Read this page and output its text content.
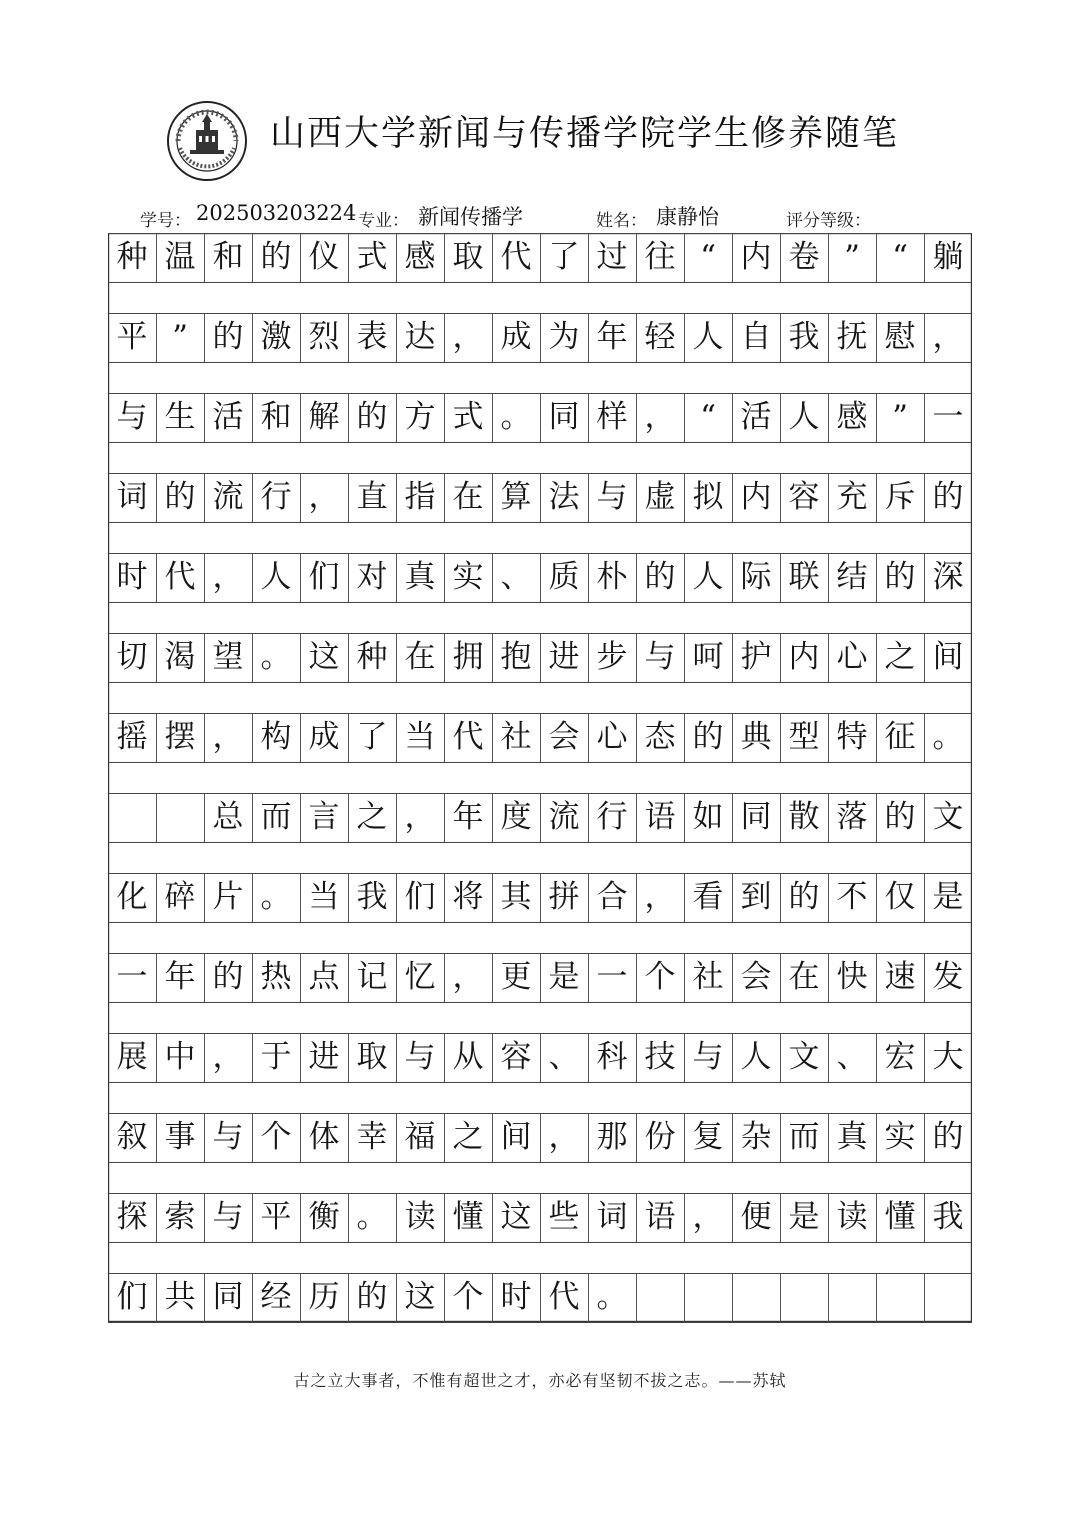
山西大学新闻与传播学院学生修养随笔
学号： 202503203224 专业： 新闻传播学	姓名： 康静怡	评分等级：
种 温 和 的 仪 式 感 取 代 了 过 往 “ 内 卷 ”	“ 躺
平 ” 的 激 烈 表 达 ， 成 为 年 轻 人 自 我 抚 慰 ，
与 生 活 和 解 的 方 式 。 同 样 ， “ 活 人 感 ” 一
词 的 流 行 ， 直 指 在 算 法 与 虚 拟 内 容 充 斥 的
时 代 ， 人 们 对 真 实 、 质 朴 的 人 际 联 结 的 深
切 渴 望 。 这 种 在 拥 抱 进 步 与 呵 护 内 心 之 间
摇 摆 ， 构 成 了 当 代 社 会 心 态 的 典 型 特 征 。
总 而 言 之 ， 年 度 流 行 语 如 同 散 落 的 文
化 碎 片 。 当 我 们 将 其 拼 合 ， 看 到 的 不 仅 是
一 年 的 热 点 记 忆 ， 更 是 一 个 社 会 在 快 速 发
展 中 ， 于 进 取 与 从 容 、 科 技 与 人 文 、 宏 大
叙 事 与 个 体 幸 福 之 间 ， 那 份 复 杂 而 真 实 的
探 索 与 平 衡 。 读 懂 这 些 词 语 ， 便 是 读 懂 我
们 共 同 经 历 的 这 个 时 代 。
古之立大事者，不惟有超世之才，亦必有坚韧不拔之志。——苏轼
